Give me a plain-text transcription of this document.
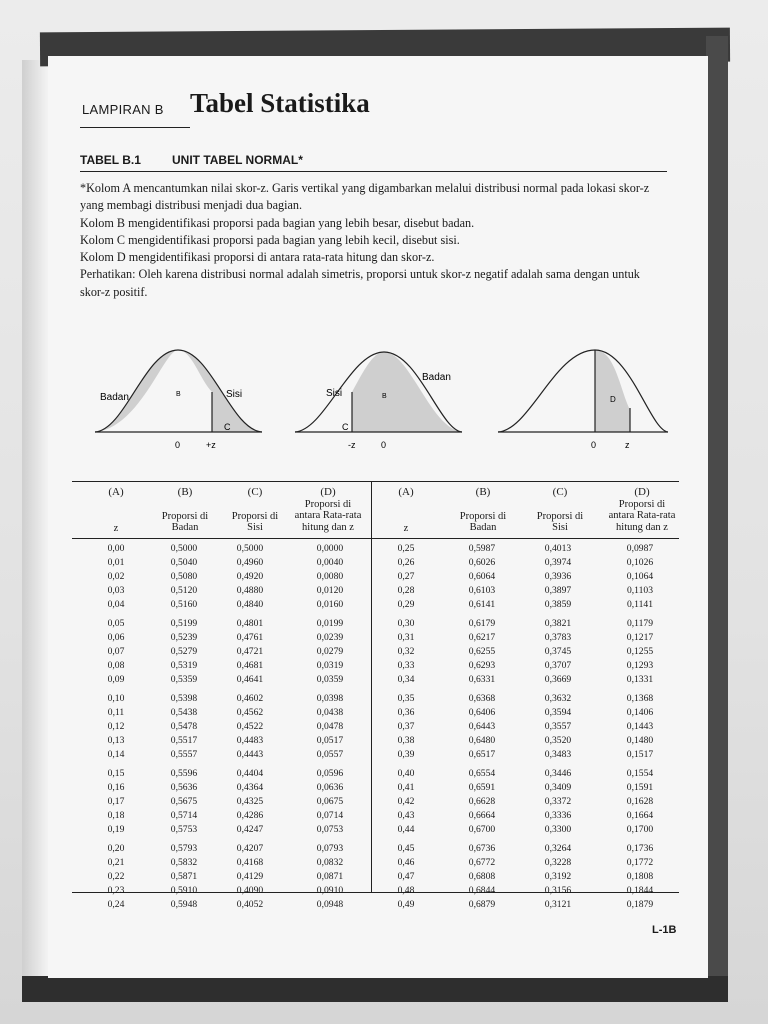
LAMPIRAN B Tabel Statistika
TABEL B.1	UNIT TABEL NORMAL*

*Kolom A mencantumkan nilai skor-z. Garis vertikal yang digambarkan melalui distribusi normal pada lokasi skor-z

yang membagi distribusi menjadi dua bagian.

Kolom B mengidentifikasi proporsi pada bagian yang lebih besar, disebut badan.

Kolom C mengidentifikasi proporsi pada bagian yang lebih kecil, disebut sisi.

Kolom D mengidentifikasi proporsi di antara rata-rata hitung dan skor-z.

Perhatikan: Oleh karena distribusi normal adalah simetris, proporsi untuk skor-z negatif adalah sama dengan untuk

skor-z positif.

Badan	Sisi
B
C
0	+z
Sisi
Badan
B
C
-z	0
D
0	z
(A)
z
(B)
Proporsi di
Badan
(C)
Proporsi di
Sisi
(D)
Proporsi di
antara Rata-rata
hitung dan z
(A)
z
(B)
Proporsi di
Badan
(C)
Proporsi di
Sisi
(D)
Proporsi di
antara Rata-rata
hitung dan z
0,00	0,5000	0,5000	0,0000
0,01	0,5040	0,4960	0,0040
0,02	0,5080	0,4920	0,0080
0,03	0,5120	0,4880	0,0120
0,04	0,5160	0,4840	0,0160
0,05	0,5199	0,4801	0,0199
0,06	0,5239	0,4761	0,0239
0,07	0,5279	0,4721	0,0279
0,08	0,5319	0,4681	0,0319
0,09	0,5359	0,4641	0,0359
0,10	0,5398	0,4602	0,0398
0,11	0,5438	0,4562	0,0438
0,12	0,5478	0,4522	0,0478
0,13	0,5517	0,4483	0,0517
0,14	0,5557	0,4443	0,0557
0,15	0,5596	0,4404	0,0596
0,16	0,5636	0,4364	0,0636
0,17	0,5675	0,4325	0,0675
0,18	0,5714	0,4286	0,0714
0,19	0,5753	0,4247	0,0753
0,20	0,5793	0,4207	0,0793
0,21	0,5832	0,4168	0,0832
0,22	0,5871	0,4129	0,0871
0,23	0,5910	0,4090	0,0910
0,24	0,5948	0,4052	0,0948
0,25	0,5987	0,4013	0,0987
0,26	0,6026	0,3974	0,1026
0,27	0,6064	0,3936	0,1064
0,28	0,6103	0,3897	0,1103
0,29	0,6141	0,3859	0,1141
0,30	0,6179	0,3821	0,1179
0,31	0,6217	0,3783	0,1217
0,32	0,6255	0,3745	0,1255
0,33	0,6293	0,3707	0,1293
0,34	0,6331	0,3669	0,1331
0,35	0,6368	0,3632	0,1368
0,36	0,6406	0,3594	0,1406
0,37	0,6443	0,3557	0,1443
0,38	0,6480	0,3520	0,1480
0,39	0,6517	0,3483	0,1517
0,40	0,6554	0,3446	0,1554
0,41	0,6591	0,3409	0,1591
0,42	0,6628	0,3372	0,1628
0,43	0,6664	0,3336	0,1664
0,44	0,6700	0,3300	0,1700
0,45	0,6736	0,3264	0,1736
0,46	0,6772	0,3228	0,1772
0,47	0,6808	0,3192	0,1808
0,48	0,6844	0,3156	0,1844
0,49	0,6879	0,3121	0,1879
L-1B
